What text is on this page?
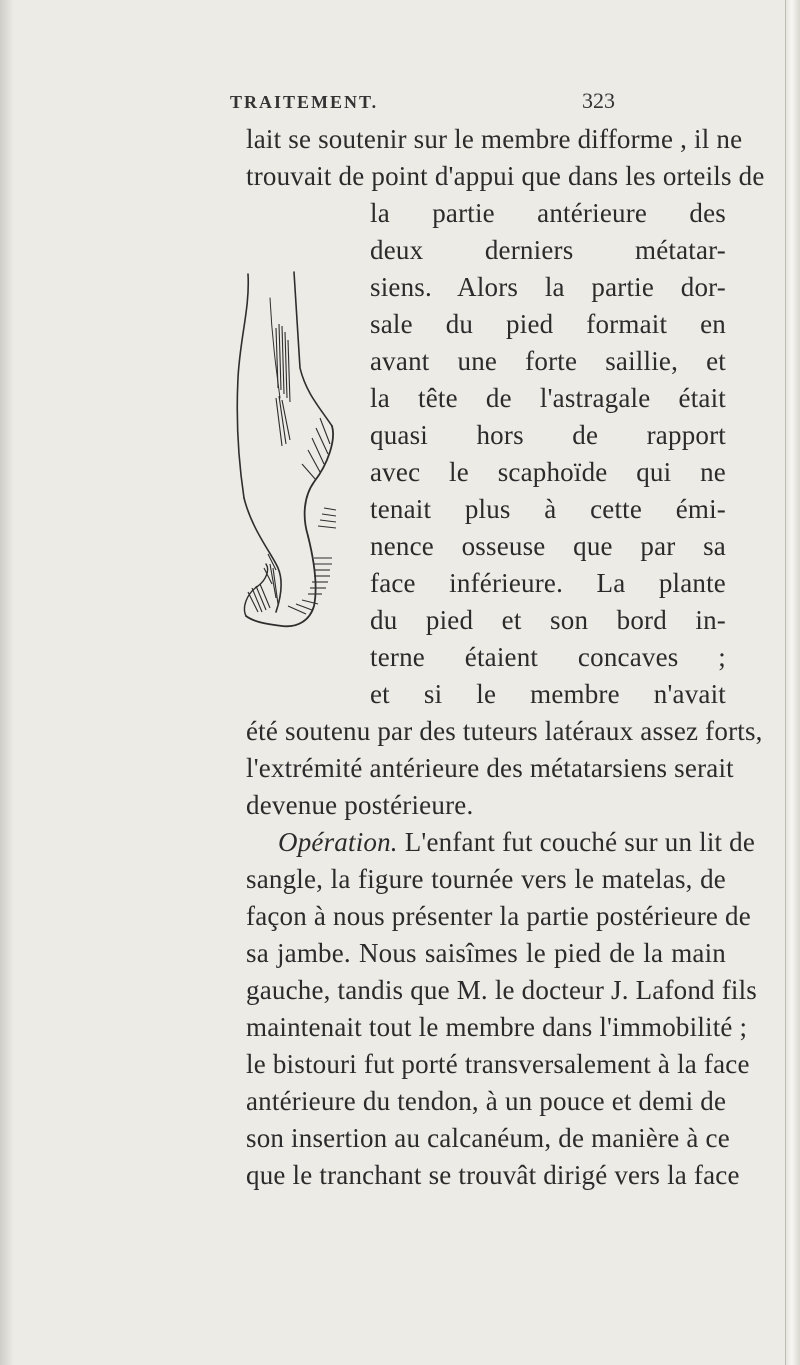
TRAITEMENT.	323
lait se soutenir sur le membre difforme , il ne
trouvait de point d'appui que dans les orteils de
la partie antérieure des
deux derniers métatar-
siens. Alors la partie dor-
sale du pied formait en
avant une forte saillie, et
la tête de l'astragale était
quasi hors de rapport
avec le scaphoïde qui ne
tenait plus à cette émi-
nence osseuse que par sa
face inférieure. La plante
du pied et son bord in-
terne étaient concaves ;
et si le membre n'avait
été soutenu par des tuteurs latéraux assez forts,
l'extrémité antérieure des métatarsiens serait
devenue postérieure.
Opération. L'enfant fut couché sur un lit de
sangle, la figure tournée vers le matelas, de
façon à nous présenter la partie postérieure de
sa jambe. Nous saisîmes le pied de la main
gauche, tandis que M. le docteur J. Lafond fils
maintenait tout le membre dans l'immobilité ;
le bistouri fut porté transversalement à la face
antérieure du tendon, à un pouce et demi de
son insertion au calcanéum, de manière à ce
que le tranchant se trouvât dirigé vers la face
